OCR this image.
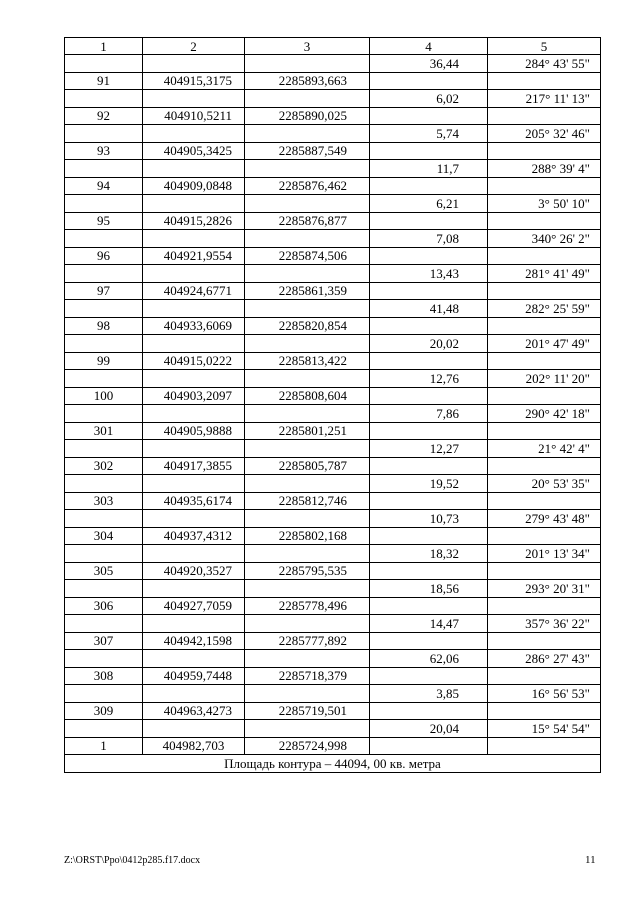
1	2	3	4	5
			36,44	284° 43' 55"
91	404915,3175	2285893,663		
			6,02	217° 11' 13"
92	404910,5211	2285890,025		
			5,74	205° 32' 46"
93	404905,3425	2285887,549		
			11,7	288° 39' 4"
94	404909,0848	2285876,462		
			6,21	3° 50' 10"
95	404915,2826	2285876,877		
			7,08	340° 26' 2"
96	404921,9554	2285874,506		
			13,43	281° 41' 49"
97	404924,6771	2285861,359		
			41,48	282° 25' 59"
98	404933,6069	2285820,854		
			20,02	201° 47' 49"
99	404915,0222	2285813,422		
			12,76	202° 11' 20"
100	404903,2097	2285808,604		
			7,86	290° 42' 18"
301	404905,9888	2285801,251		
			12,27	21° 42' 4"
302	404917,3855	2285805,787		
			19,52	20° 53' 35"
303	404935,6174	2285812,746		
			10,73	279° 43' 48"
304	404937,4312	2285802,168		
			18,32	201° 13' 34"
305	404920,3527	2285795,535		
			18,56	293° 20' 31"
306	404927,7059	2285778,496		
			14,47	357° 36' 22"
307	404942,1598	2285777,892		
			62,06	286° 27' 43"
308	404959,7448	2285718,379		
			3,85	16° 56' 53"
309	404963,4273	2285719,501		
			20,04	15° 54' 54"
1	404982,703	2285724,998		
Площадь контура – 44094, 00 кв. метра				
Z:\ORST\Ppo\0412p285.f17.docx	11
